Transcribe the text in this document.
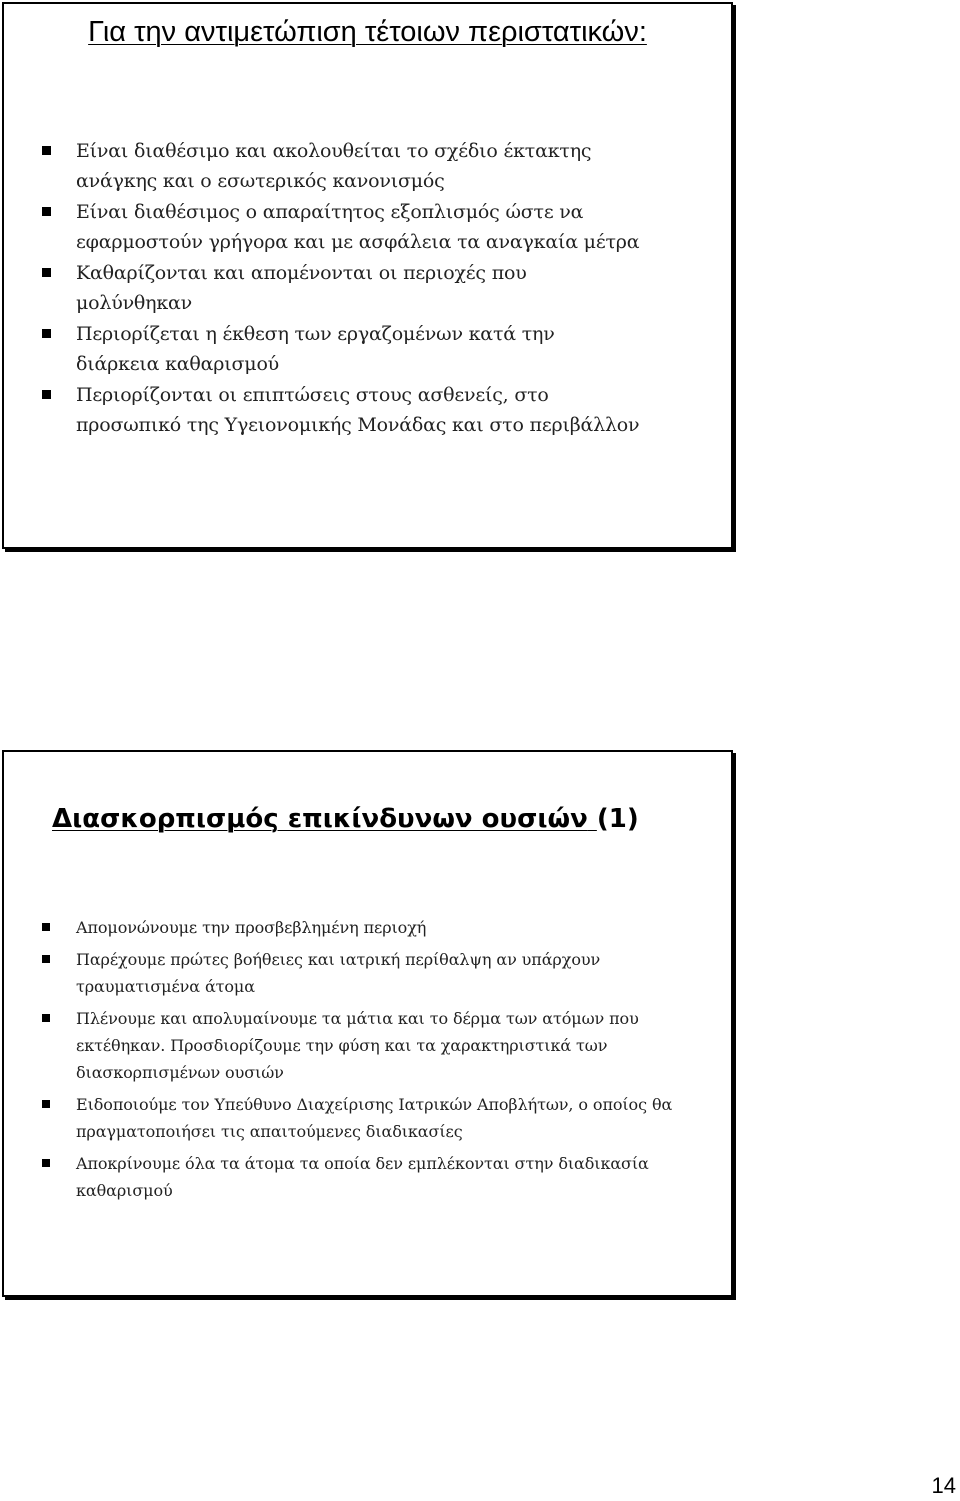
Για την αντιμετώπιση τέτοιων περιστατικών:
Είναι διαθέσιμο και ακολουθείται το σχέδιο έκτακτης ανάγκης και ο εσωτερικός κανονισμός
Είναι διαθέσιμος ο απαραίτητος εξοπλισμός ώστε να εφαρμοστούν γρήγορα και με ασφάλεια τα αναγκαία μέτρα
Καθαρίζονται και απομένονται οι περιοχές που μολύνθηκαν
Περιορίζεται η έκθεση των εργαζομένων κατά την διάρκεια καθαρισμού
Περιορίζονται οι επιπτώσεις στους ασθενείς, στο προσωπικό της Υγειονομικής Μονάδας και στο περιβάλλον
Διασκορπισμός επικίνδυνων ουσιών (1)
Απομονώνουμε την προσβεβλημένη περιοχή
Παρέχουμε πρώτες βοήθειες και ιατρική περίθαλψη αν υπάρχουν τραυματισμένα άτομα
Πλένουμε και απολυμαίνουμε τα μάτια και το δέρμα των ατόμων που εκτέθηκαν. Προσδιορίζουμε την φύση και τα χαρακτηριστικά των διασκορπισμένων ουσιών
Ειδοποιούμε τον Υπεύθυνο Διαχείρισης Ιατρικών Αποβλήτων, ο οποίος θα πραγματοποιήσει τις απαιτούμενες διαδικασίες
Αποκρίνουμε όλα τα άτομα τα οποία δεν εμπλέκονται στην διαδικασία καθαρισμού
14
